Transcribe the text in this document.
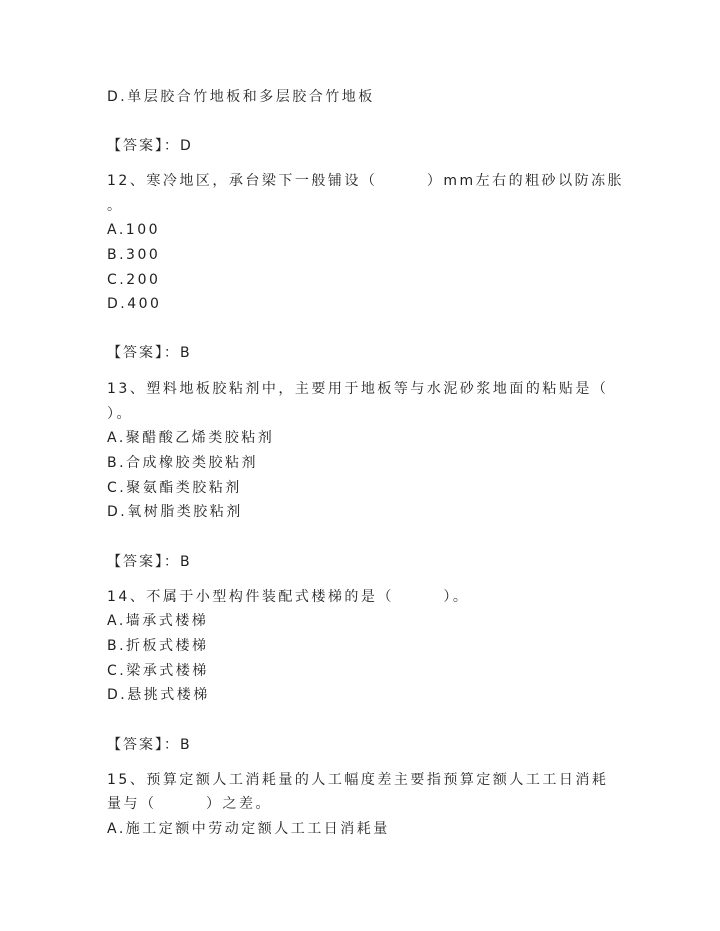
D.单层胶合竹地板和多层胶合竹地板
【答案】：D
12、寒冷地区，承台梁下一般铺设（　　　）mm左右的粗砂以防冻胀
。
A.100
B.300
C.200
D.400
【答案】：B
13、塑料地板胶粘剂中，主要用于地板等与水泥砂浆地面的粘贴是（
）。
A.聚醋酸乙烯类胶粘剂
B.合成橡胶类胶粘剂
C.聚氨酯类胶粘剂
D.氧树脂类胶粘剂
【答案】：B
14、不属于小型构件装配式楼梯的是（　　　）。
A.墙承式楼梯
B.折板式楼梯
C.梁承式楼梯
D.悬挑式楼梯
【答案】：B
15、预算定额人工消耗量的人工幅度差主要指预算定额人工工日消耗
量与（　　　）之差。
A.施工定额中劳动定额人工工日消耗量
